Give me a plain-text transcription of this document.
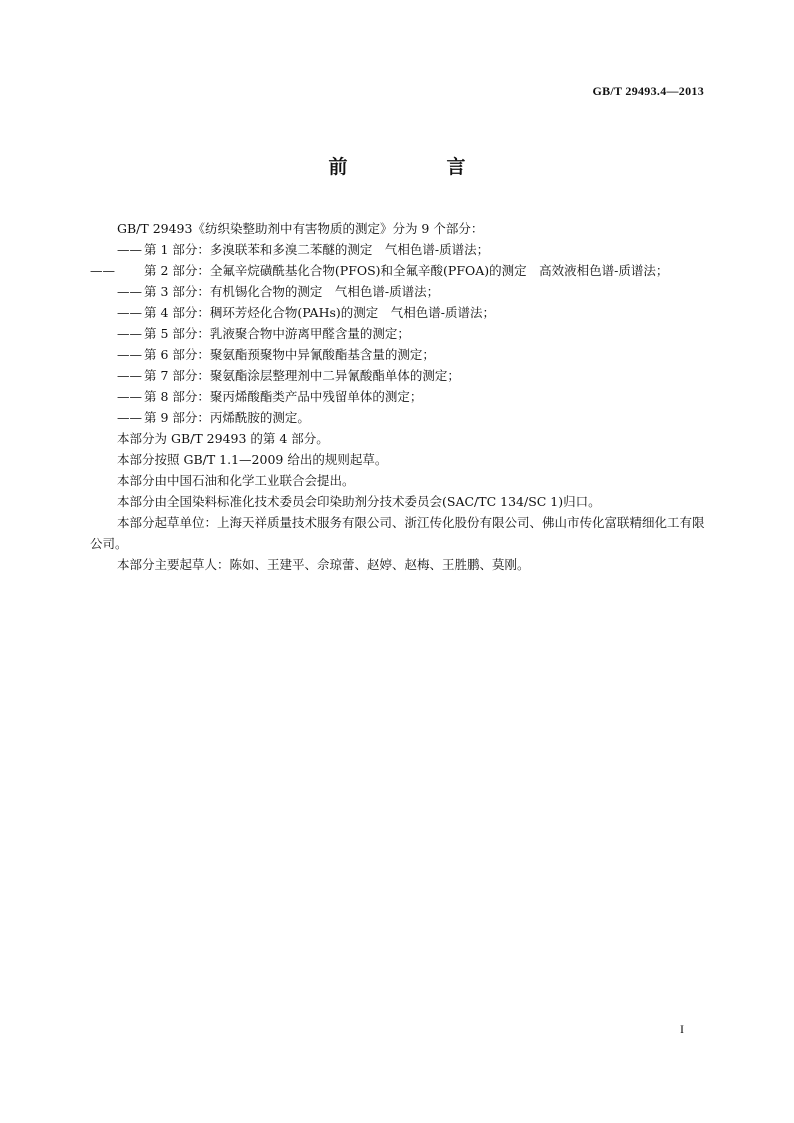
GB/T 29493.4—2013
前　言

GB/T 29493《纺织染整助剂中有害物质的测定》分为 9 个部分：

—— 第 1 部分：多溴联苯和多溴二苯醚的测定　气相色谱-质谱法；

—— 第 2 部分：全氟辛烷磺酰基化合物(PFOS)和全氟辛酸(PFOA)的测定　高效液相色谱-质谱法；

—— 第 3 部分：有机锡化合物的测定　气相色谱-质谱法；

—— 第 4 部分：稠环芳烃化合物(PAHs)的测定　气相色谱-质谱法；

—— 第 5 部分：乳液聚合物中游离甲醛含量的测定；

—— 第 6 部分：聚氨酯预聚物中异氰酸酯基含量的测定；

—— 第 7 部分：聚氨酯涂层整理剂中二异氰酸酯单体的测定；

—— 第 8 部分：聚丙烯酸酯类产品中残留单体的测定；

—— 第 9 部分：丙烯酰胺的测定。

本部分为 GB/T 29493 的第 4 部分。

本部分按照 GB/T 1.1—2009 给出的规则起草。

本部分由中国石油和化学工业联合会提出。

本部分由全国染料标准化技术委员会印染助剂分技术委员会(SAC/TC 134/SC 1)归口。

本部分起草单位：上海天祥质量技术服务有限公司、浙江传化股份有限公司、佛山市传化富联精细化工有限公司。

本部分主要起草人：陈如、王建平、佘琼蕾、赵婷、赵梅、王胜鹏、莫刚。

I
